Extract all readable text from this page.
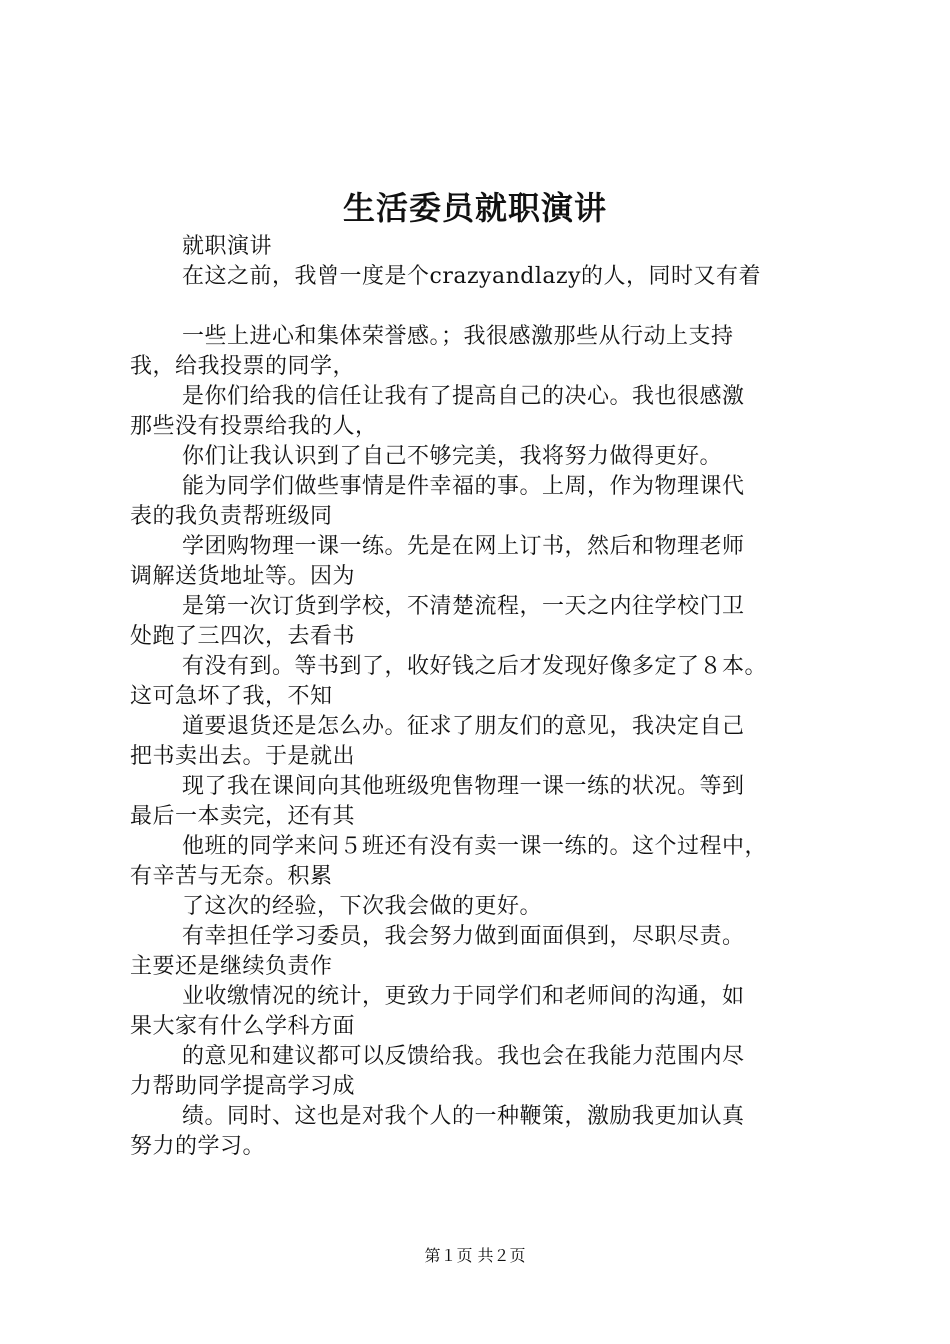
生活委员就职演讲
就职演讲
在这之前，我曾一度是个crazyandlazy的人，同时又有着
一些上进心和集体荣誉感。；我很感激那些从行动上支持
我，给我投票的同学，
是你们给我的信任让我有了提高自己的决心。我也很感激
那些没有投票给我的人，
你们让我认识到了自己不够完美，我将努力做得更好。
能为同学们做些事情是件幸福的事。上周，作为物理课代
表的我负责帮班级同
学团购物理一课一练。先是在网上订书，然后和物理老师
调解送货地址等。因为
是第一次订货到学校，不清楚流程，一天之内往学校门卫
处跑了三四次，去看书
有没有到。等书到了，收好钱之后才发现好像多定了８本。
这可急坏了我，不知
道要退货还是怎么办。征求了朋友们的意见，我决定自己
把书卖出去。于是就出
现了我在课间向其他班级兜售物理一课一练的状况。等到
最后一本卖完，还有其
他班的同学来问５班还有没有卖一课一练的。这个过程中，
有辛苦与无奈。积累
了这次的经验，下次我会做的更好。
有幸担任学习委员，我会努力做到面面俱到，尽职尽责。
主要还是继续负责作
业收缴情况的统计，更致力于同学们和老师间的沟通，如
果大家有什么学科方面
的意见和建议都可以反馈给我。我也会在我能力范围内尽
力帮助同学提高学习成
绩。同时、这也是对我个人的一种鞭策，激励我更加认真
努力的学习。
第１页 共２页
